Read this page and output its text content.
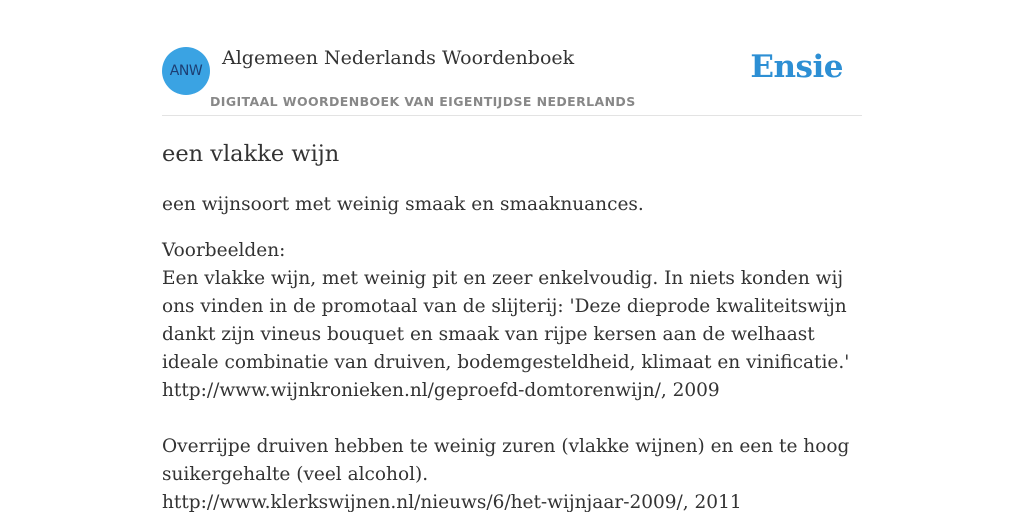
ANW
Algemeen Nederlands Woordenboek
DIGITAAL WOORDENBOEK VAN EIGENTIJDSE NEDERLANDS
Ensie
een vlakke wijn

een wijnsoort met weinig smaak en smaaknuances.

Voorbeelden:
Een vlakke wijn, met weinig pit en zeer enkelvoudig. In niets konden wij ons vinden in de promotaal van de slijterij: 'Deze dieprode kwaliteitswijn dankt zijn vineus bouquet en smaak van rijpe kersen aan de welhaast ideale combinatie van druiven, bodemgesteldheid, klimaat en vinificatie.'
http://www.wijnkronieken.nl/geproefd-domtorenwijn/, 2009
Overrijpe druiven hebben te weinig zuren (vlakke wijnen) en een te hoog suikergehalte (veel alcohol).
http://www.klerkswijnen.nl/nieuws/6/het-wijnjaar-2009/, 2011
